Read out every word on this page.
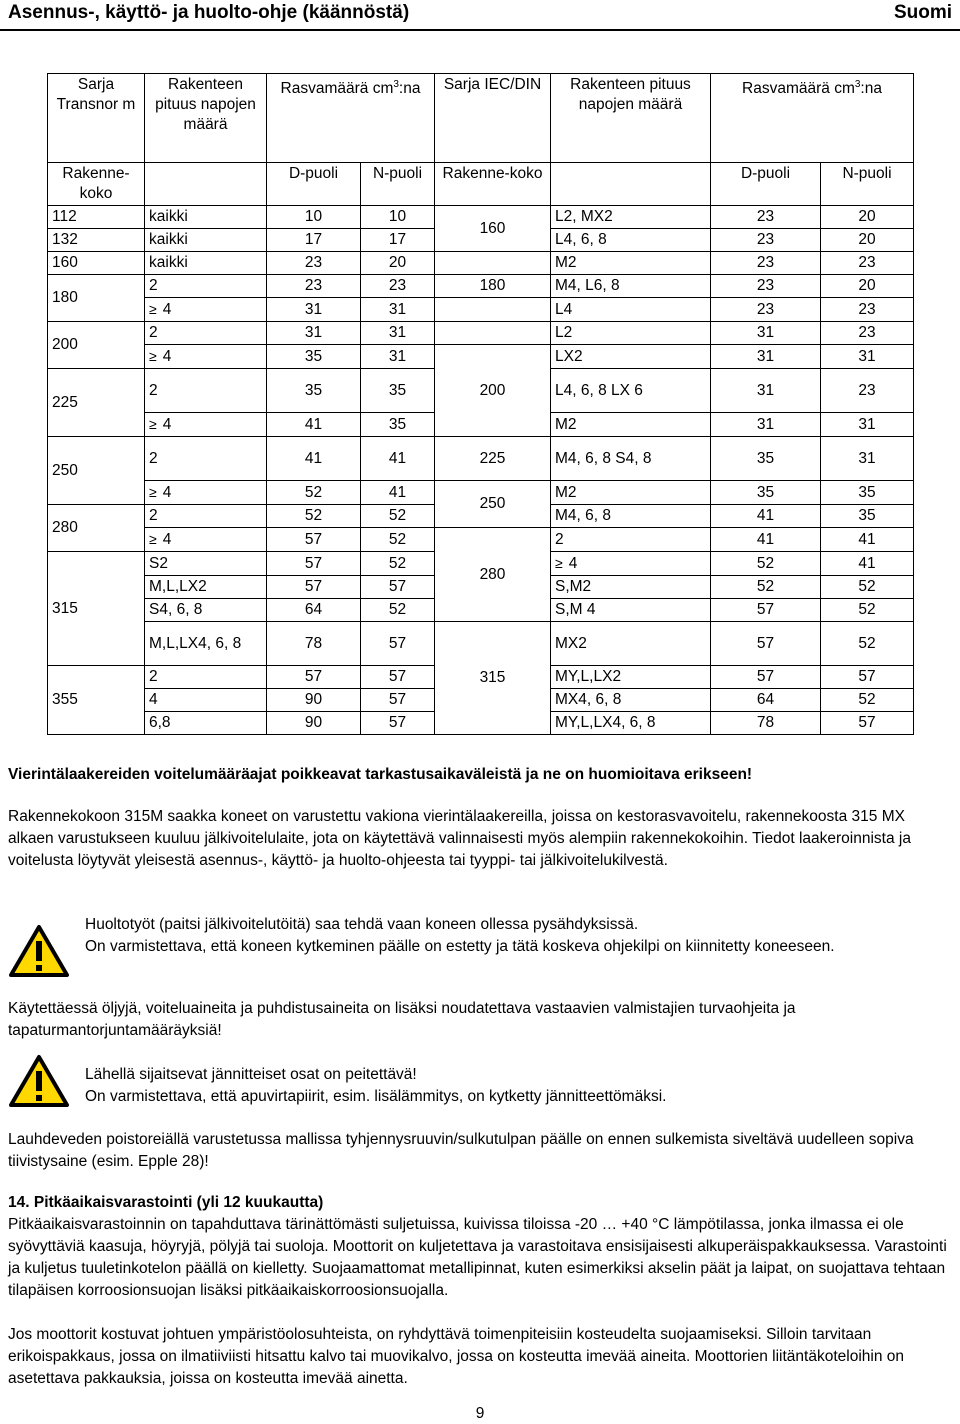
Asennus-, käyttö- ja huolto-ohje (käännöstä)	Suomi
Sarja Transnor m	Rakenteen pituus napojen määrä	Rasvamäärä $cm^3:na$		Sarja IEC/DIN	Rakenteen pituus napojen määrä	Rasvamäärä $cm^3:na$	
Rakenne-koko		D-puoli	N-puoli	Rakenne-koko		D-puoli	N-puoli
112	kaikki	10	10	160	L2, MX2	23	20
132	kaikki	17	17		L4, 6, 8	23	20
160	kaikki	23	20		M2	23	23
180	2	23	23	180	M4, L6, 8	23	20
	≥ 4	31	31		L4	23	23
200	2	31	31		L2	31	23
	≥ 4	35	31	200	LX2	31	31
225	2	35	35		L4, 6, 8 LX 6	31	23
	≥ 4	41	35		M2	31	31
250	2	41	41	225	M4, 6, 8 S4, 8	35	31
	≥ 4	52	41	250	M2	35	35
280	2	52	52		M4, 6, 8	41	35
	≥ 4	57	52	280	2	41	41
315	S2	57	52		≥ 4	52	41
	M,L,LX2	57	57		S,M2	52	52
	S4, 6, 8	64	52		S,M 4	57	52
	M,L,LX4, 6, 8	78	57	315	MX2	57	52
355	2	57	57		MY,L,LX2	57	57
	4	90	57		MX4, 6, 8	64	52
	6,8	90	57		MY,L,LX4, 6, 8	78	57
Vierintälaakereiden voitelumääräajat poikkeavat tarkastusaikaväleistä ja ne on huomioitava erikseen!
Rakennekokoon 315M saakka koneet on varustettu vakiona vierintälaakereilla, joissa on kestorasvavoitelu, rakennekoosta 315 MX alkaen varustukseen kuuluu jälkivoitelulaite, jota on käytettävä valinnaisesti myös alempiin rakennekokoihin. Tiedot laakeroinnista ja voitelusta löytyvät yleisestä asennus-, käyttö- ja huolto-ohjeesta tai tyyppi- tai jälkivoitelukilvestä.
Huoltotyöt (paitsi jälkivoitelutöitä) saa tehdä vaan koneen ollessa pysähdyksissä.
On varmistettava, että koneen kytkeminen päälle on estetty ja tätä koskeva ohjekilpi on kiinnitetty koneeseen.
Käytettäessä öljyjä, voiteluaineita ja puhdistusaineita on lisäksi noudatettava vastaavien valmistajien turvaohjeita ja tapaturmantorjuntamääräyksiä!
Lähellä sijaitsevat jännitteiset osat on peitettävä!
On varmistettava, että apuvirtapiirit, esim. lisälämmitys, on kytketty jännitteettömäksi.
Lauhdeveden poistoreiällä varustetussa mallissa tyhjennysruuvin/sulkutulpan päälle on ennen sulkemista siveltävä uudelleen sopiva tiivistysaine (esim. Epple 28)!
14. Pitkäaikaisvarastointi (yli 12 kuukautta)
Pitkäaikaisvarastoinnin on tapahduttava tärinättömästi suljetuissa, kuivissa tiloissa -20 … +40 °C lämpötilassa, jonka ilmassa ei ole syövyttäviä kaasuja, höyryjä, pölyjä tai suoloja. Moottorit on kuljetettava ja varastoitava ensisijaisesti alkuperäispakkauksessa. Varastointi ja kuljetus tuuletinkotelon päällä on kielletty. Suojaamattomat metallipinnat, kuten esimerkiksi akselin päät ja laipat, on suojattava tehtaan tilapäisen korroosionsuojan lisäksi pitkäaikaiskorroosionsuojalla.
Jos moottorit kostuvat johtuen ympäristöolosuhteista, on ryhdyttävä toimenpiteisiin kosteudelta suojaamiseksi. Silloin tarvitaan erikoispakkaus, jossa on ilmatiiviisti hitsattu kalvo tai muovikalvo, jossa on kosteutta imevää aineita. Moottorien liitäntäkoteloihin on asetettava pakkauksia, joissa on kosteutta imevää ainetta.
9
